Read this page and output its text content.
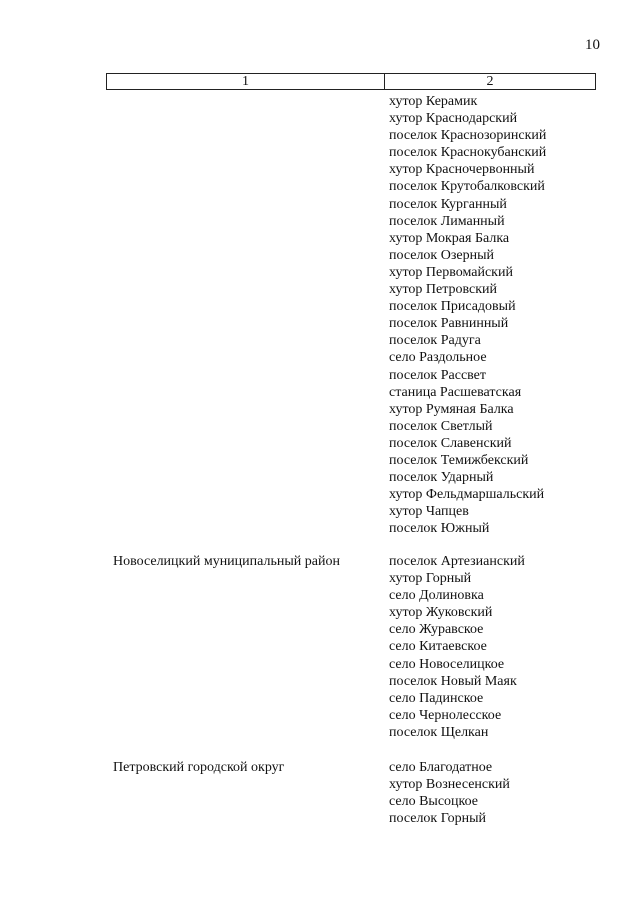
10
1	2
хутор Керамик
хутор Краснодарский
поселок Краснозоринский
поселок Краснокубанский
хутор Красночервонный
поселок Крутобалковский
поселок Курганный
поселок Лиманный
хутор Мокрая Балка
поселок Озерный
хутор Первомайский
хутор Петровский
поселок Присадовый
поселок Равнинный
поселок Радуга
село Раздольное
поселок Рассвет
станица Расшеватская
хутор Румяная Балка
поселок Светлый
поселок Славенский
поселок Темижбекский
поселок Ударный
хутор Фельдмаршальский
хутор Чапцев
поселок Южный
Новоселицкий муниципальный район	поселок Артезианский
хутор Горный
село Долиновка
хутор Жуковский
село Журавское
село Китаевское
село Новоселицкое
поселок Новый Маяк
село Падинское
село Чернолесское
поселок Щелкан
Петровский городской округ	село Благодатное
хутор Вознесенский
село Высоцкое
поселок Горный
